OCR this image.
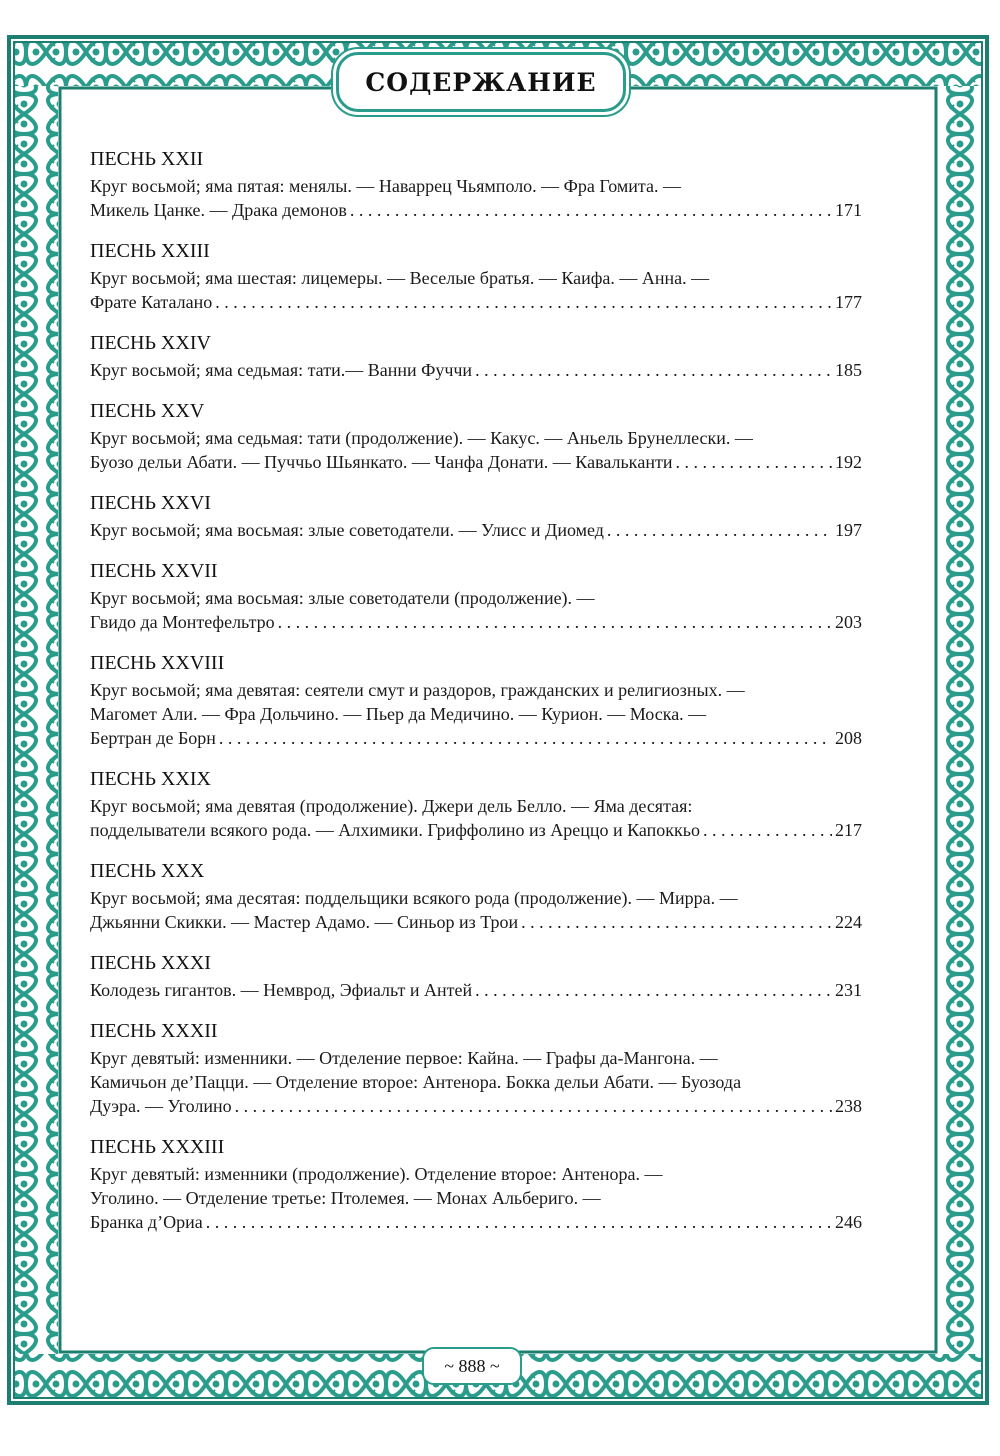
СОДЕРЖАНИЕ
ПЕСНЬ XXII
Круг восьмой; яма пятая: менялы. — Наваррец Чьямполо. — Фра Гомита. —
Микель Цанке. — Драка демонов . . .	171
ПЕСНЬ XXIII
Круг восьмой; яма шестая: лицемеры. — Веселые братья. — Каифа. — Анна. —
Фрате Каталано . . .	177
ПЕСНЬ XXIV
Круг восьмой; яма седьмая: тати.— Ванни Фуччи . . .	185
ПЕСНЬ XXV
Круг восьмой; яма седьмая: тати (продолжение). — Какус. — Аньель Брунеллески. —
Буозо дельи Абати. — Пуччьо Шьянкато. — Чанфа Донати. — Кавалькaнти . . .	192
ПЕСНЬ XXVI
Круг восьмой; яма восьмая: злые советодатели. — Улисс и Диомед . . .	197
ПЕСНЬ XXVII
Круг восьмой; яма восьмая: злые советодатели (продолжение). —
Гвидо да Монтефельтро . . .	203
ПЕСНЬ XXVIII
Круг восьмой; яма девятая: сеятели смут и раздоров, гражданских и религиозных. —
Магомет Али. — Фра Дольчино. — Пьер да Медичино. — Курион. — Моска. —
Бертран де Борн . . .	208
ПЕСНЬ XXIX
Круг восьмой; яма девятая (продолжение). Джери дель Белло. — Яма десятая:
подделыватели всякого рода. — Алхимики. Гриффолино из Ареццо и Капоккьо . . .	217
ПЕСНЬ XXX
Круг восьмой; яма десятая: поддельщики всякого рода (продолжение). — Мирра. —
Джьянни Скикки. — Мастер Адамо. — Синьор из Трои . . .	224
ПЕСНЬ XXXI
Колодезь гигантов. — Немврод, Эфиальт и Антей . . .	231
ПЕСНЬ XXXII
Круг девятый: изменники. — Отделение первое: Кайна. — Графы да-Мангона. —
Камичьон де’Пацци. — Отделение второе: Антенора. Бокка дельи Абати. — Буозода
Дуэра. — Уголино . . .	238
ПЕСНЬ XXXIII
Круг девятый: изменники (продолжение). Отделение второе: Антенора. —
Уголино. — Отделение третье: Птолемея. — Монах Альбериго. —
Бранка д’Ориа . . .	246
~ 888 ~
